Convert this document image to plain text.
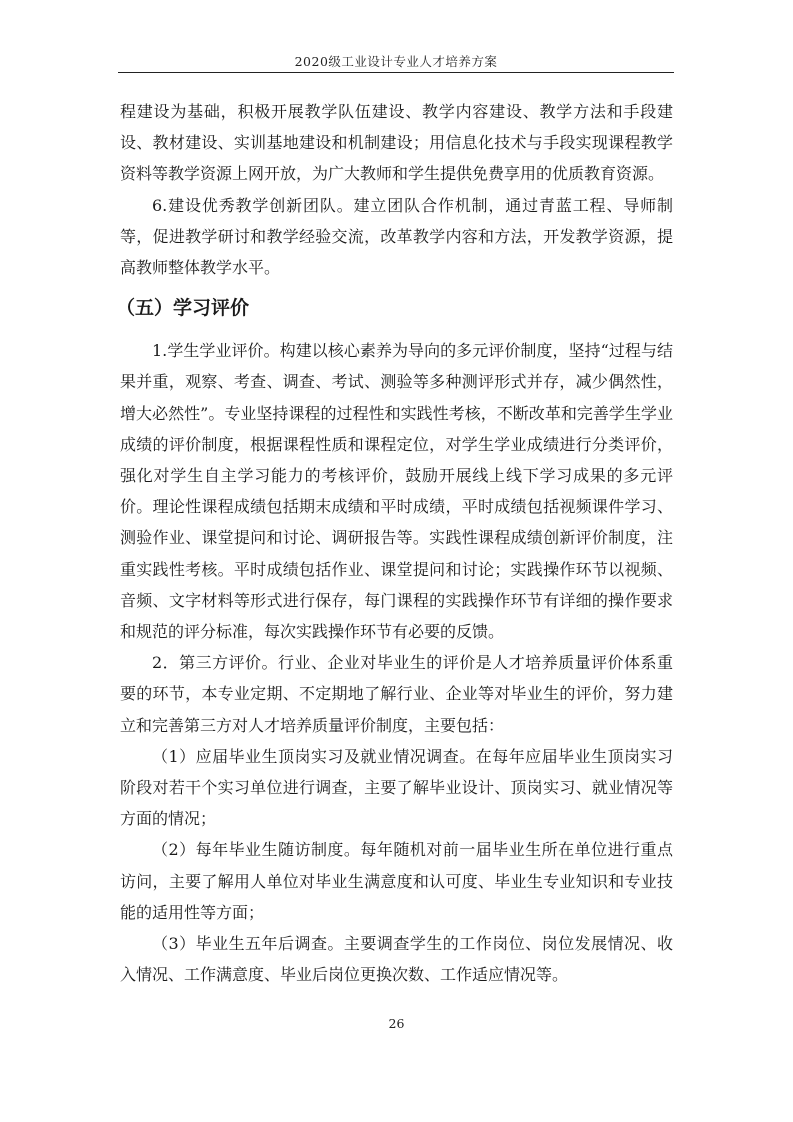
2020级工业设计专业人才培养方案

程建设为基础，积极开展教学队伍建设、教学内容建设、教学方法和手段建设、教材建设、实训基地建设和机制建设；用信息化技术与手段实现课程教学资料等教学资源上网开放，为广大教师和学生提供免费享用的优质教育资源。

6.建设优秀教学创新团队。建立团队合作机制，通过青蓝工程、导师制等，促进教学研讨和教学经验交流，改革教学内容和方法，开发教学资源，提高教师整体教学水平。

（五）学习评价

1.学生学业评价。构建以核心素养为导向的多元评价制度，坚持“过程与结果并重，观察、考查、调查、考试、测验等多种测评形式并存，减少偶然性，增大必然性”。专业坚持课程的过程性和实践性考核，不断改革和完善学生学业成绩的评价制度，根据课程性质和课程定位，对学生学业成绩进行分类评价，强化对学生自主学习能力的考核评价，鼓励开展线上线下学习成果的多元评价。理论性课程成绩包括期末成绩和平时成绩，平时成绩包括视频课件学习、测验作业、课堂提问和讨论、调研报告等。实践性课程成绩创新评价制度，注重实践性考核。平时成绩包括作业、课堂提问和讨论；实践操作环节以视频、音频、文字材料等形式进行保存，每门课程的实践操作环节有详细的操作要求和规范的评分标准，每次实践操作环节有必要的反馈。

2．第三方评价。行业、企业对毕业生的评价是人才培养质量评价体系重要的环节，本专业定期、不定期地了解行业、企业等对毕业生的评价，努力建立和完善第三方对人才培养质量评价制度，主要包括：

（1）应届毕业生顶岗实习及就业情况调查。在每年应届毕业生顶岗实习阶段对若干个实习单位进行调查，主要了解毕业设计、顶岗实习、就业情况等方面的情况；

（2）每年毕业生随访制度。每年随机对前一届毕业生所在单位进行重点访问，主要了解用人单位对毕业生满意度和认可度、毕业生专业知识和专业技能的适用性等方面；

（3）毕业生五年后调查。主要调查学生的工作岗位、岗位发展情况、收入情况、工作满意度、毕业后岗位更换次数、工作适应情况等。

26
